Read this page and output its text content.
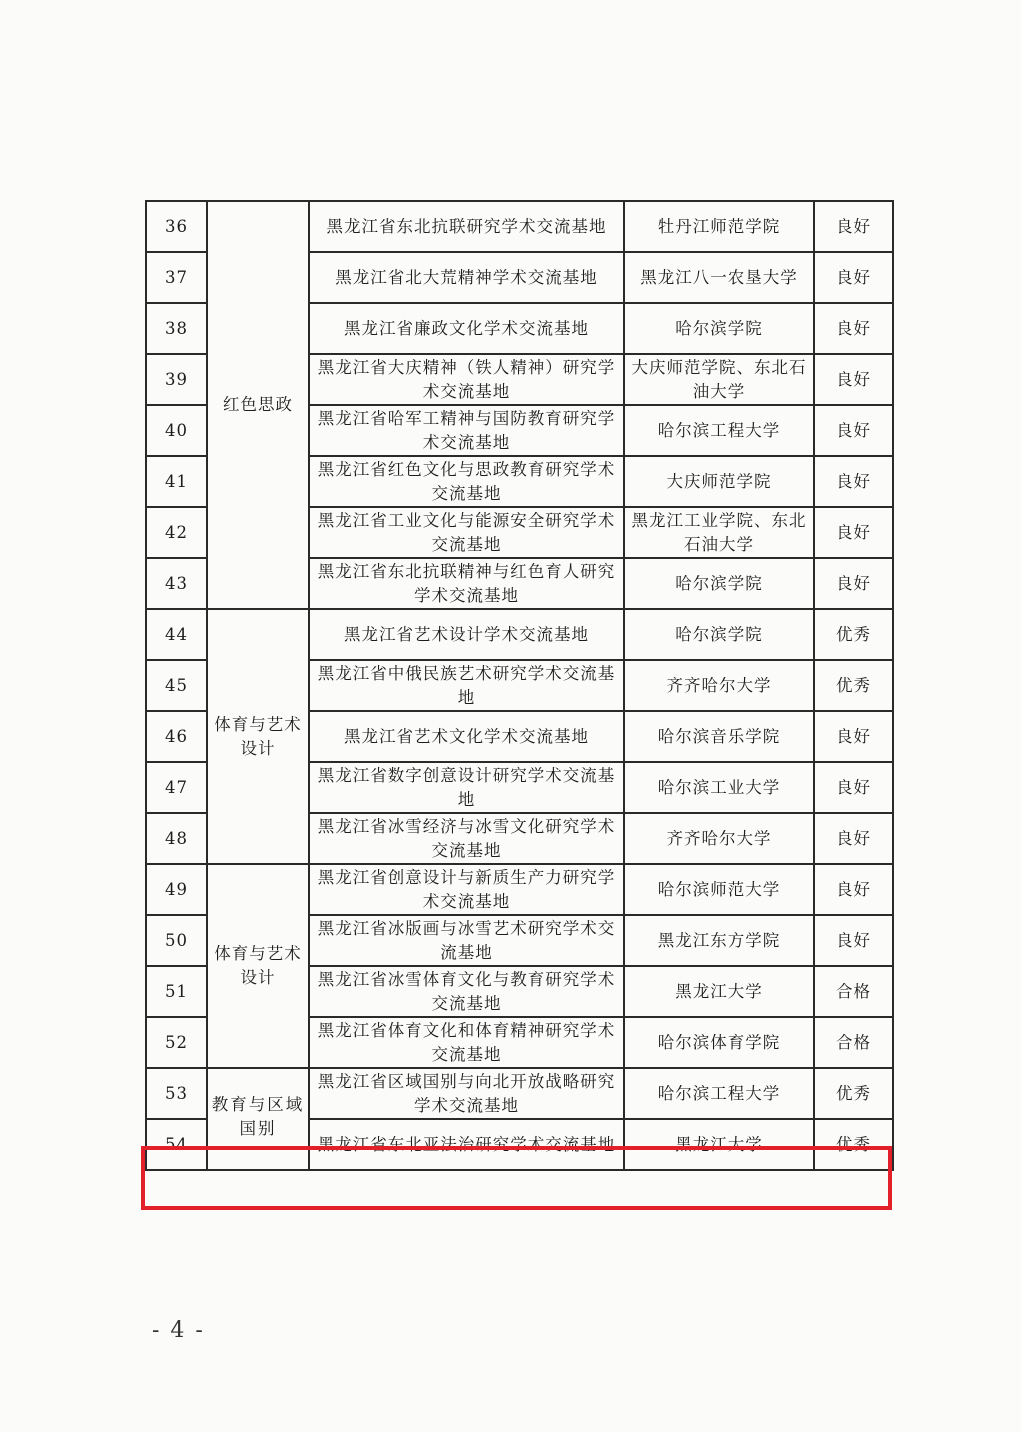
36	红色思政	黑龙江省东北抗联研究学术交流基地	牡丹江师范学院	良好
37		黑龙江省北大荒精神学术交流基地	黑龙江八一农垦大学	良好
38		黑龙江省廉政文化学术交流基地	哈尔滨学院	良好
39		黑龙江省大庆精神（铁人精神）研究学术交流基地	大庆师范学院、东北石油大学	良好
40		黑龙江省哈军工精神与国防教育研究学术交流基地	哈尔滨工程大学	良好
41		黑龙江省红色文化与思政教育研究学术交流基地	大庆师范学院	良好
42		黑龙江省工业文化与能源安全研究学术交流基地	黑龙江工业学院、东北石油大学	良好
43		黑龙江省东北抗联精神与红色育人研究学术交流基地	哈尔滨学院	良好
44	体育与艺术设计	黑龙江省艺术设计学术交流基地	哈尔滨学院	优秀
45		黑龙江省中俄民族艺术研究学术交流基地	齐齐哈尔大学	优秀
46		黑龙江省艺术文化学术交流基地	哈尔滨音乐学院	良好
47		黑龙江省数字创意设计研究学术交流基地	哈尔滨工业大学	良好
48		黑龙江省冰雪经济与冰雪文化研究学术交流基地	齐齐哈尔大学	良好
49	体育与艺术设计	黑龙江省创意设计与新质生产力研究学术交流基地	哈尔滨师范大学	良好
50		黑龙江省冰版画与冰雪艺术研究学术交流基地	黑龙江东方学院	良好
51		黑龙江省冰雪体育文化与教育研究学术交流基地	黑龙江大学	合格
52		黑龙江省体育文化和体育精神研究学术交流基地	哈尔滨体育学院	合格
53	教育与区域国别	黑龙江省区域国别与向北开放战略研究学术交流基地	哈尔滨工程大学	优秀
54		黑龙江省东北亚法治研究学术交流基地	黑龙江大学	优秀
- 4 -
